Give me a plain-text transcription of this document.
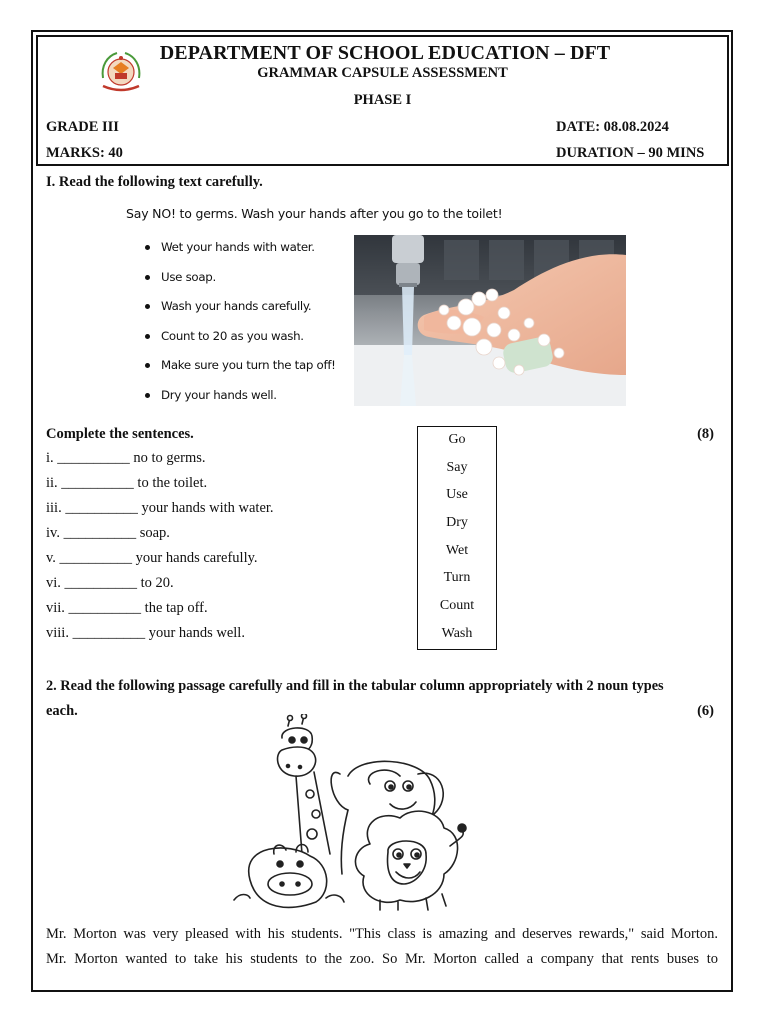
DEPARTMENT OF SCHOOL EDUCATION – DFT
GRAMMAR CAPSULE ASSESSMENT
PHASE I
GRADE III	DATE: 08.08.2024
MARKS: 40	DURATION – 90 MINS
I. Read the following text carefully.
Say NO! to germs. Wash your hands after you go to the toilet!
Wet your hands with water.
Use soap.
Wash your hands carefully.
Count to 20 as you wash.
Make sure you turn the tap off!
Dry your hands well.
Complete the sentences.	(8)
i. __________ no to germs.
ii. __________ to the toilet.
iii. __________ your hands with water.
iv. __________ soap.
v. __________ your hands carefully.
vi. __________ to 20.
vii. __________ the tap off.
viii. __________ your hands well.
Go
Say
Use
Dry
Wet
Turn
Count
Wash
2. Read the following passage carefully and fill in the tabular column appropriately with 2 noun types
each.	(6)
Mr. Morton was very pleased with his students. "This class is amazing and deserves rewards," said Morton.
Mr. Morton wanted to take his students to the zoo. So Mr. Morton called a company that rents buses to
